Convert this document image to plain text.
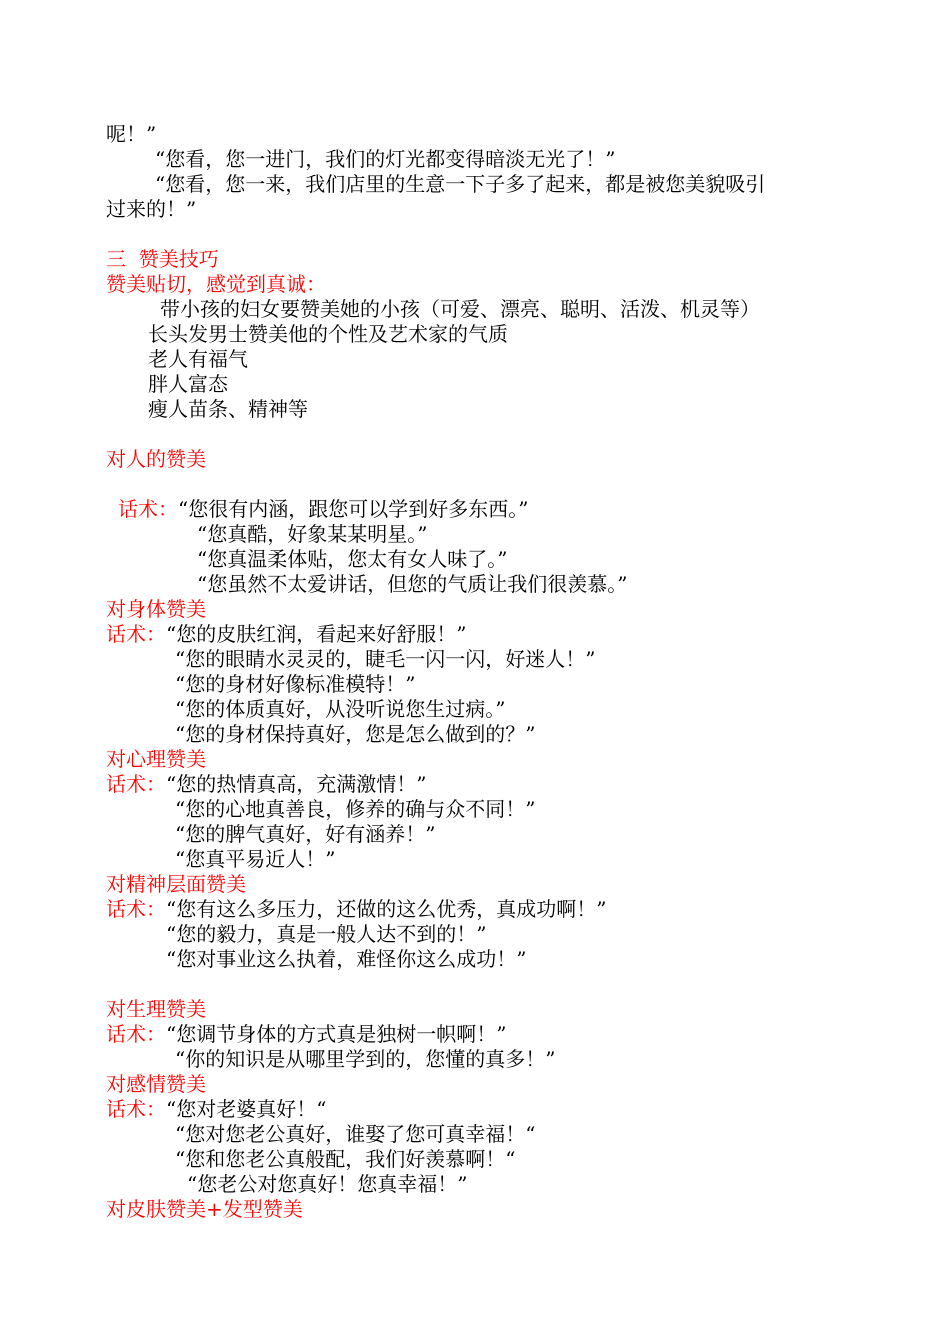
呢！”
“您看，您一进门，我们的灯光都变得暗淡无光了！”
“您看，您一来，我们店里的生意一下子多了起来，都是被您美貌吸引
过来的！”
三  赞美技巧
赞美贴切，感觉到真诚：
带小孩的妇女要赞美她的小孩（可爱、漂亮、聪明、活泼、机灵等）
长头发男士赞美他的个性及艺术家的气质
老人有福气
胖人富态
瘦人苗条、精神等
对人的赞美
话术： “您很有内涵，跟您可以学到好多东西。”
“您真酷，好象某某明星。”
“您真温柔体贴，您太有女人味了。”
“您虽然不太爱讲话，但您的气质让我们很羡慕。”
对身体赞美
话术： “您的皮肤红润，看起来好舒服！”
“您的眼睛水灵灵的，睫毛一闪一闪，好迷人！”
“您的身材好像标准模特！”
“您的体质真好，从没听说您生过病。”
“您的身材保持真好，您是怎么做到的？”
对心理赞美
话术： “您的热情真高，充满激情！”
“您的心地真善良，修养的确与众不同！”
“您的脾气真好，好有涵养！”
“您真平易近人！”
对精神层面赞美
话术： “您有这么多压力，还做的这么优秀，真成功啊！”
“您的毅力，真是一般人达不到的！”
“您对事业这么执着，难怪你这么成功！”
对生理赞美
话术： “您调节身体的方式真是独树一帜啊！”
“你的知识是从哪里学到的，您懂的真多！”
对感情赞美
话术： “您对老婆真好！“
“您对您老公真好，谁娶了您可真幸福！“
“您和您老公真般配，我们好羡慕啊！“
“您老公对您真好！您真幸福！”
对皮肤赞美+发型赞美
